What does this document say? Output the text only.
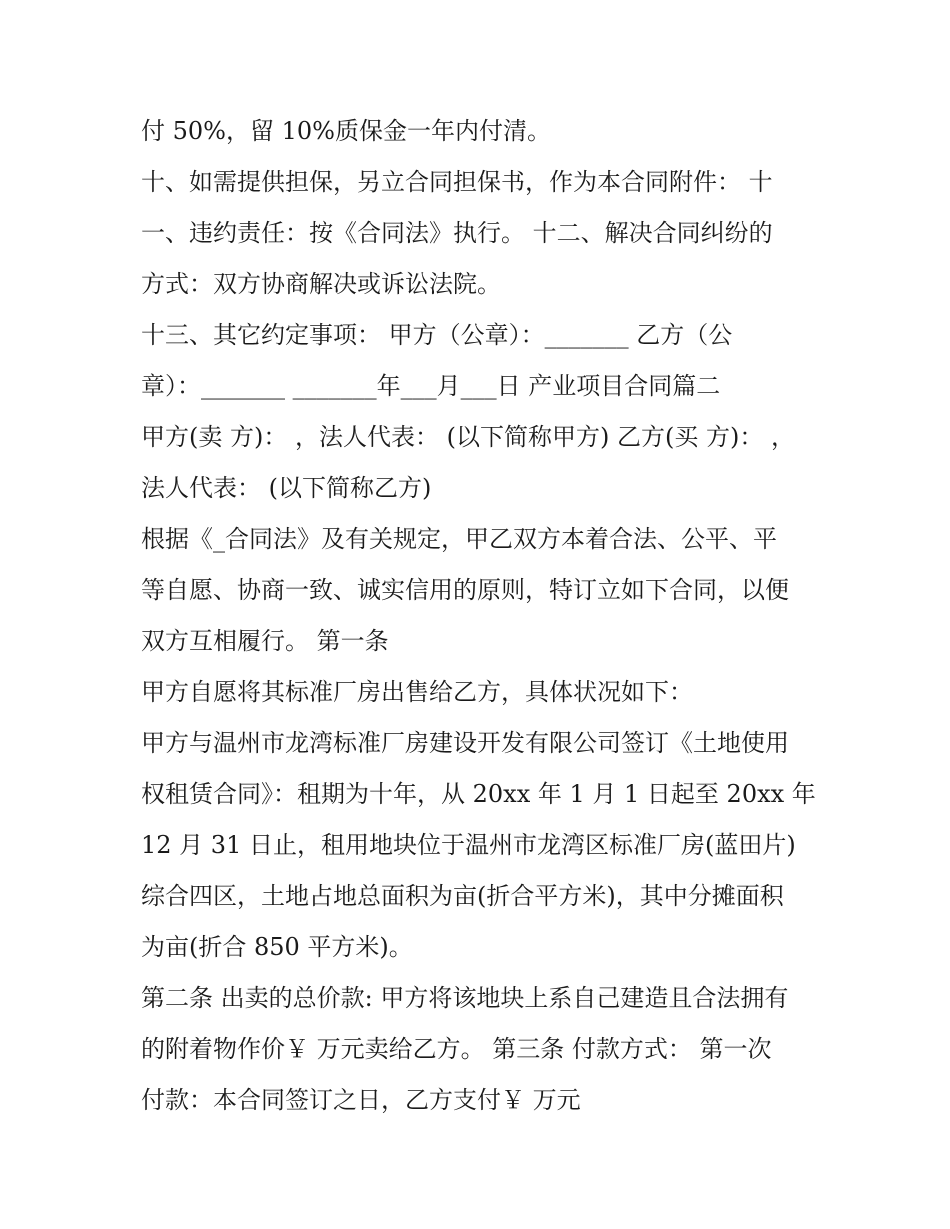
付 50%，留 10%质保金一年内付清。
十、如需提供担保，另立合同担保书，作为本合同附件： 十
一、违约责任：按《合同法》执行。 十二、解决合同纠纷的
方式：双方协商解决或诉讼法院。
十三、其它约定事项： 甲方（公章）：_______ 乙方（公
章）：_______ _______年___月___日 产业项目合同篇二
甲方(卖 方)： ，法人代表： (以下简称甲方) 乙方(买 方)： ，
法人代表： (以下简称乙方)
根据《_合同法》及有关规定，甲乙双方本着合法、公平、平
等自愿、协商一致、诚实信用的原则，特订立如下合同，以便
双方互相履行。 第一条
甲方自愿将其标准厂房出售给乙方，具体状况如下：
甲方与温州市龙湾标准厂房建设开发有限公司签订《土地使用
权租赁合同》：租期为十年，从 20xx 年 1 月 1 日起至 20xx 年
12 月 31 日止，租用地块位于温州市龙湾区标准厂房(蓝田片)
综合四区，土地占地总面积为亩(折合平方米)，其中分摊面积
为亩(折合 850 平方米)。
第二条 出卖的总价款: 甲方将该地块上系自己建造且合法拥有
的附着物作价￥ 万元卖给乙方。 第三条 付款方式： 第一次
付款：本合同签订之日，乙方支付￥ 万元
